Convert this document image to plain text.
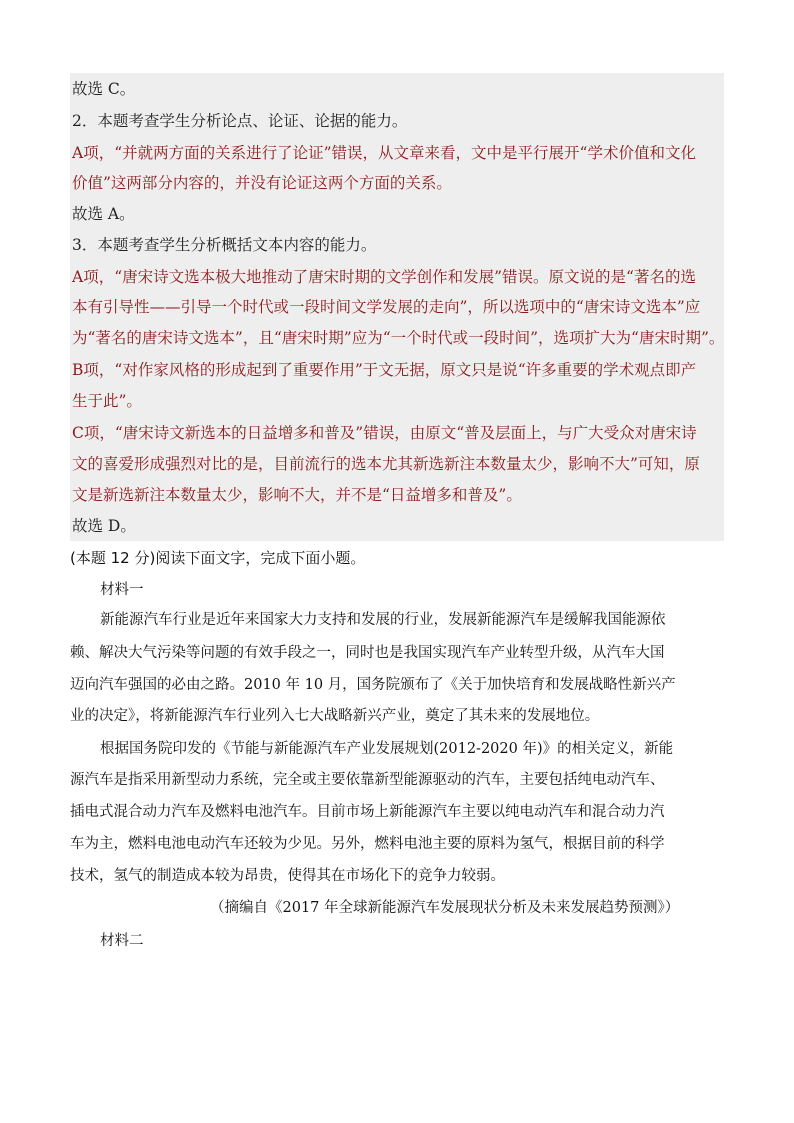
故选 C。
2．本题考查学生分析论点、论证、论据的能力。
A项，“并就两方面的关系进行了论证”错误，从文章来看，文中是平行展开“学术价值和文化
价值”这两部分内容的，并没有论证这两个方面的关系。
故选 A。
3．本题考查学生分析概括文本内容的能力。
A项，“唐宋诗文选本极大地推动了唐宋时期的文学创作和发展”错误。原文说的是“著名的选
本有引导性——引导一个时代或一段时间文学发展的走向”，所以选项中的“唐宋诗文选本”应
为“著名的唐宋诗文选本”，且“唐宋时期”应为“一个时代或一段时间”，选项扩大为“唐宋时期”。
B项，“对作家风格的形成起到了重要作用”于文无据，原文只是说“许多重要的学术观点即产
生于此”。
C项，“唐宋诗文新选本的日益增多和普及”错误，由原文“普及层面上，与广大受众对唐宋诗
文的喜爱形成强烈对比的是，目前流行的选本尤其新选新注本数量太少，影响不大”可知，原
文是新选新注本数量太少，影响不大，并不是“日益增多和普及”。
故选 D。
(本题 12 分)阅读下面文字，完成下面小题。
材料一
新能源汽车行业是近年来国家大力支持和发展的行业，发展新能源汽车是缓解我国能源依
赖、解决大气污染等问题的有效手段之一，同时也是我国实现汽车产业转型升级，从汽车大国
迈向汽车强国的必由之路。2010 年 10 月，国务院颁布了《关于加快培育和发展战略性新兴产
业的决定》，将新能源汽车行业列入七大战略新兴产业，奠定了其未来的发展地位。
根据国务院印发的《节能与新能源汽车产业发展规划(2012-2020 年)》的相关定义，新能
源汽车是指采用新型动力系统，完全或主要依靠新型能源驱动的汽车，主要包括纯电动汽车、
插电式混合动力汽车及燃料电池汽车。目前市场上新能源汽车主要以纯电动汽车和混合动力汽
车为主，燃料电池电动汽车还较为少见。另外，燃料电池主要的原料为氢气，根据目前的科学
技术，氢气的制造成本较为昂贵，使得其在市场化下的竞争力较弱。
（摘编自《2017 年全球新能源汽车发展现状分析及未来发展趋势预测》）
材料二
